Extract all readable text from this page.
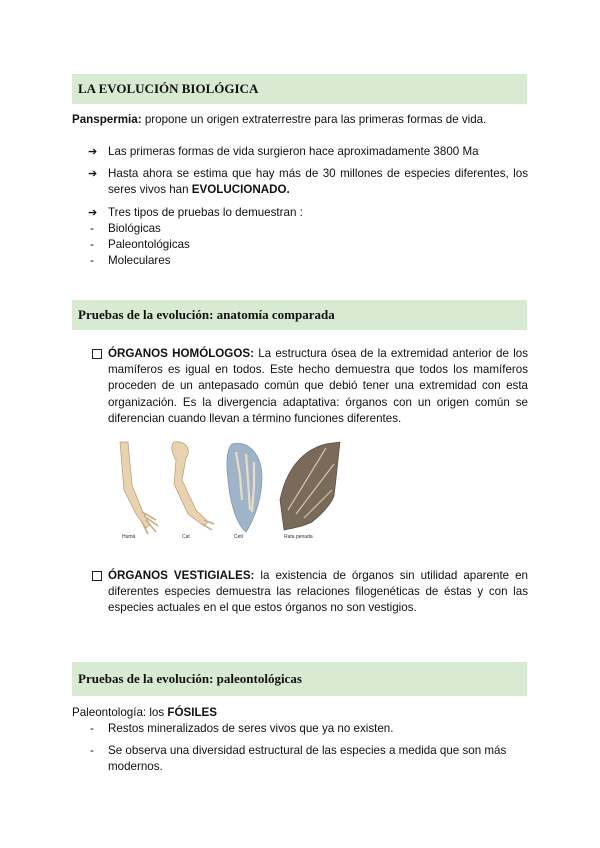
LA EVOLUCIÓN BIOLÓGICA
Panspermia: propone un origen extraterrestre para las primeras formas de vida.
➔ Las primeras formas de vida surgieron hace aproximadamente 3800 Ma
➔ Hasta ahora se estima que hay más de 30 millones de especies diferentes, los seres vivos han EVOLUCIONADO.
➔ Tres tipos de pruebas lo demuestran :
-	Biológicas
-	Paleontológicas
-	Moleculares
Pruebas de la evolución: anatomía comparada
ÓRGANOS HOMÓLOGOS: La estructura ósea de la extremidad anterior de los mamíferos es igual en todos. Este hecho demuestra que todos los mamíferos proceden de un antepasado común que debió tener una extremidad con esta organización. Es la divergencia adaptativa: órganos con un origen común se diferencian cuando llevan a término funciones diferentes.
Humà	Cat	Cetí	Rata penada
ÓRGANOS VESTIGIALES: la existencia de órganos sin utilidad aparente en diferentes especies demuestra las relaciones filogenéticas de éstas y con las especies actuales en el que estos órganos no son vestigios.
Pruebas de la evolución: paleontológicas
Paleontología: los FÓSILES
-	Restos mineralizados de seres vivos que ya no existen.
-	Se observa una diversidad estructural de las especies a medida que son más modernos.
